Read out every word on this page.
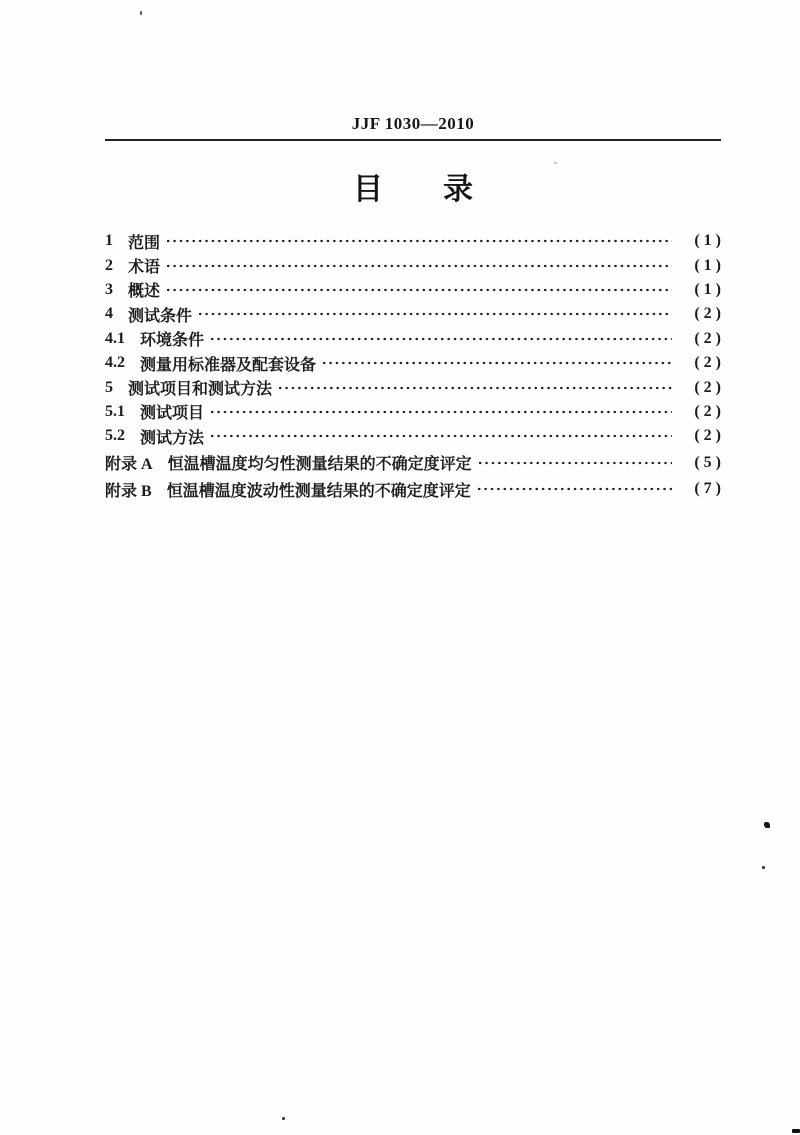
JJF 1030—2010
目　　录
1 范围	( 1 )
2 术语	( 1 )
3 概述	( 1 )
4 测试条件	( 2 )
4.1 环境条件	( 2 )
4.2 测量用标准器及配套设备	( 2 )
5 测试项目和测试方法	( 2 )
5.1 测试项目	( 2 )
5.2 测试方法	( 2 )
附录 A 恒温槽温度均匀性测量结果的不确定度评定	( 5 )
附录 B 恒温槽温度波动性测量结果的不确定度评定	( 7 )
